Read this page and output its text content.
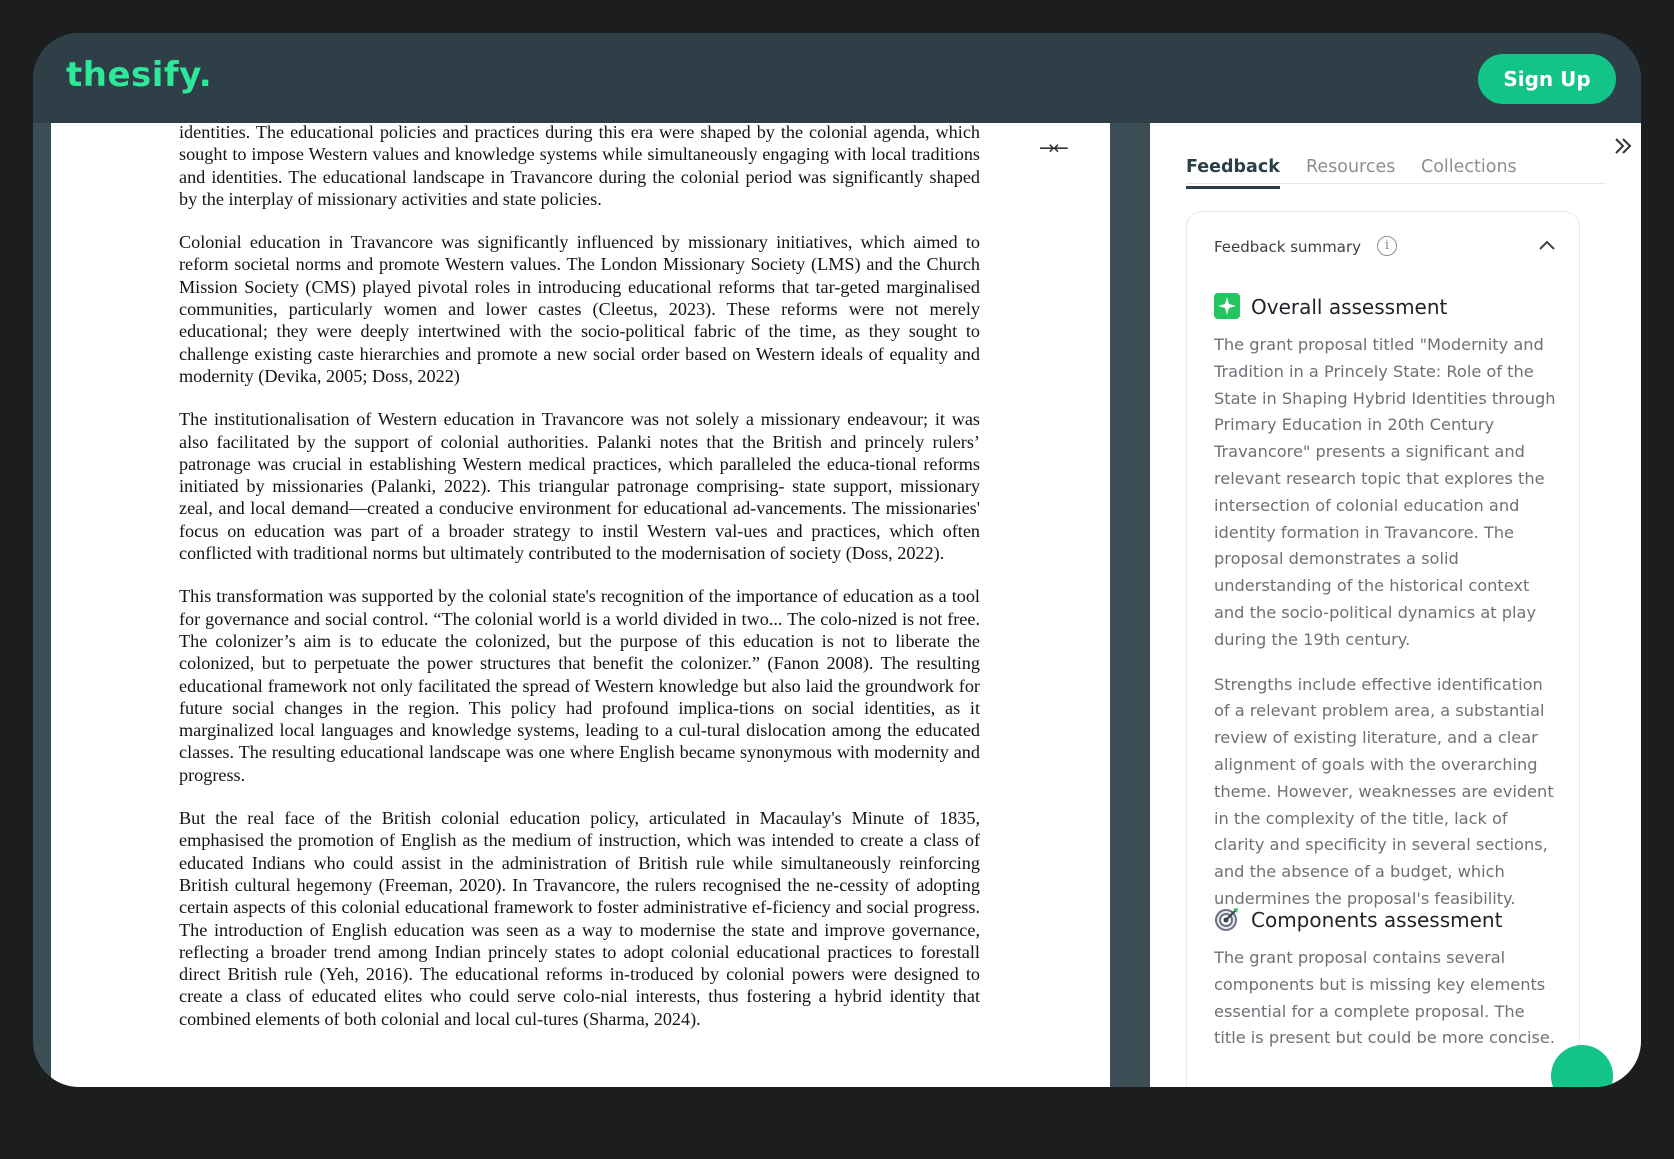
thesify.	Sign Up

identities. The educational policies and practices during this era were shaped by the colonial agenda, which sought to impose Western values and knowledge systems while simultaneously engaging with local traditions and identities. The educational landscape in Travancore during the colonial period was significantly shaped by the interplay of missionary activities and state policies.

Colonial education in Travancore was significantly influenced by missionary initiatives, which aimed to reform societal norms and promote Western values. The London Missionary Society (LMS) and the Church Mission Society (CMS) played pivotal roles in introducing educational reforms that tar-geted marginalised communities, particularly women and lower castes (Cleetus, 2023). These reforms were not merely educational; they were deeply intertwined with the socio-political fabric of the time, as they sought to challenge existing caste hierarchies and promote a new social order based on Western ideals of equality and modernity (Devika, 2005; Doss, 2022)

The institutionalisation of Western education in Travancore was not solely a missionary endeavour; it was also facilitated by the support of colonial authorities. Palanki notes that the British and princely rulers’ patronage was crucial in establishing Western medical practices, which paralleled the educa-tional reforms initiated by missionaries (Palanki, 2022). This triangular patronage comprising- state support, missionary zeal, and local demand—created a conducive environment for educational ad-vancements. The missionaries' focus on education was part of a broader strategy to instil Western val-ues and practices, which often conflicted with traditional norms but ultimately contributed to the modernisation of society (Doss, 2022).

This transformation was supported by the colonial state's recognition of the importance of education as a tool for governance and social control. “The colonial world is a world divided in two... The colo-nized is not free. The colonizer’s aim is to educate the colonized, but the purpose of this education is not to liberate the colonized, but to perpetuate the power structures that benefit the colonizer.” (Fanon 2008). The resulting educational framework not only facilitated the spread of Western knowledge but also laid the groundwork for future social changes in the region. This policy had profound implica-tions on social identities, as it marginalized local languages and knowledge systems, leading to a cul-tural dislocation among the educated classes. The resulting educational landscape was one where English became synonymous with modernity and progress.

But the real face of the British colonial education policy, articulated in Macaulay's Minute of 1835, emphasised the promotion of English as the medium of instruction, which was intended to create a class of educated Indians who could assist in the administration of British rule while simultaneously reinforcing British cultural hegemony (Freeman, 2020). In Travancore, the rulers recognised the ne-cessity of adopting certain aspects of this colonial educational framework to foster administrative ef-ficiency and social progress. The introduction of English education was seen as a way to modernise the state and improve governance, reflecting a broader trend among Indian princely states to adopt colonial educational practices to forestall direct British rule (Yeh, 2016). The educational reforms in-troduced by colonial powers were designed to create a class of educated elites who could serve colo-nial interests, thus fostering a hybrid identity that combined elements of both colonial and local cul-tures (Sharma, 2024).

→←
Feedback Resources Collections
Feedback summary	i
Overall assessment

The grant proposal titled "Modernity and Tradition in a Princely State: Role of the State in Shaping Hybrid Identities through Primary Education in 20th Century Travancore" presents a significant and relevant research topic that explores the intersection of colonial education and identity formation in Travancore. The proposal demonstrates a solid understanding of the historical context and the socio-political dynamics at play during the 19th century.

Strengths include effective identification of a relevant problem area, a substantial review of existing literature, and a clear alignment of goals with the overarching theme. However, weaknesses are evident in the complexity of the title, lack of clarity and specificity in several sections, and the absence of a budget, which undermines the proposal's feasibility.

Components assessment

The grant proposal contains several components but is missing key elements essential for a complete proposal. The title is present but could be more concise.
